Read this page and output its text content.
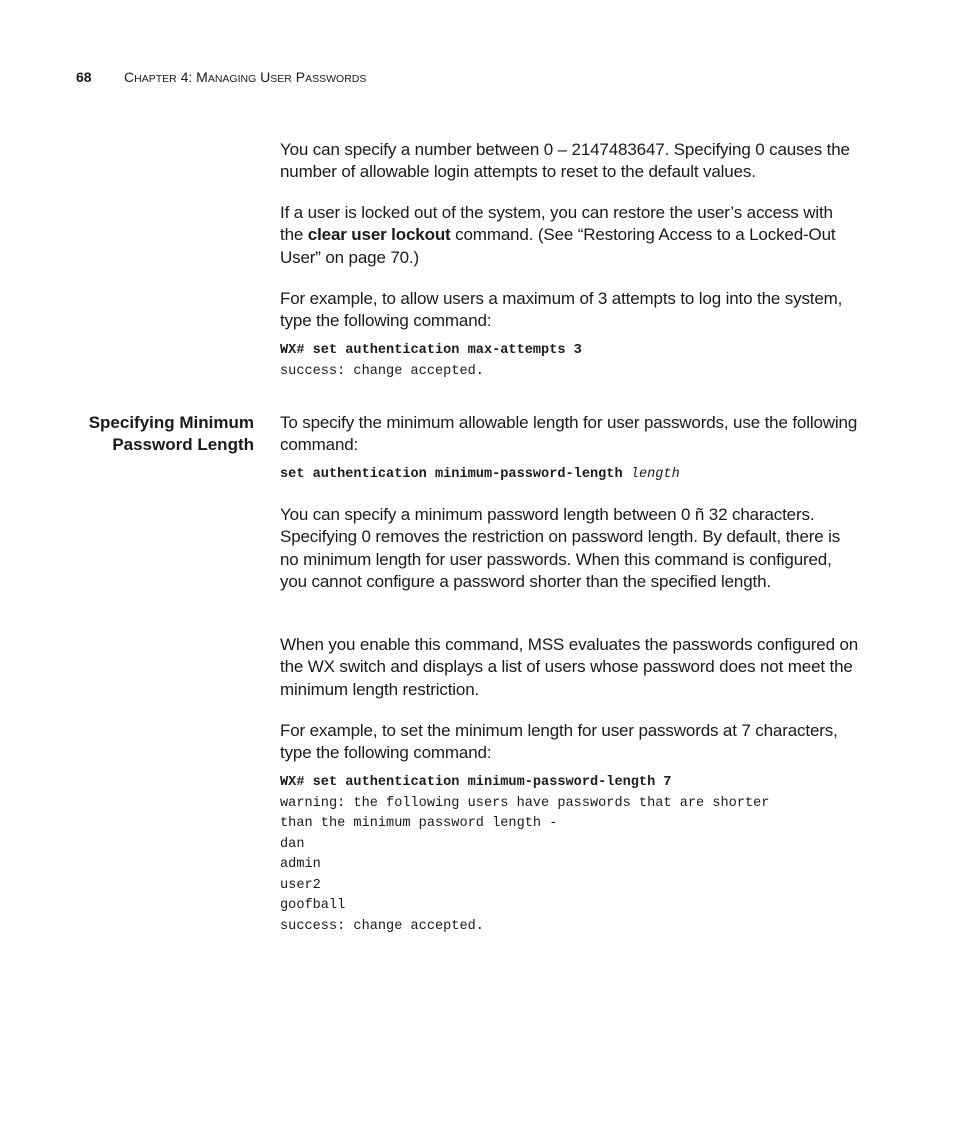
68 CHAPTER 4: MANAGING USER PASSWORDS

You can specify a number between 0 – 2147483647. Specifying 0 causes the number of allowable login attempts to reset to the default values.

If a user is locked out of the system, you can restore the user’s access with the clear user lockout command. (See “Restoring Access to a Locked-Out User” on page 70.)

For example, to allow users a maximum of 3 attempts to log into the system, type the following command:

WX# set authentication max-attempts 3
success: change accepted.
Specifying Minimum
Password Length

To specify the minimum allowable length for user passwords, use the following command:

set authentication minimum-password-length length

You can specify a minimum password length between 0 ñ 32 characters. Specifying 0 removes the restriction on password length. By default, there is no minimum length for user passwords. When this command is configured, you cannot configure a password shorter than the specified length.

When you enable this command, MSS evaluates the passwords configured on the WX switch and displays a list of users whose password does not meet the minimum length restriction.

For example, to set the minimum length for user passwords at 7 characters, type the following command:

WX# set authentication minimum-password-length 7
warning: the following users have passwords that are shorter
than the minimum password length -
dan
admin
user2
goofball
success: change accepted.
